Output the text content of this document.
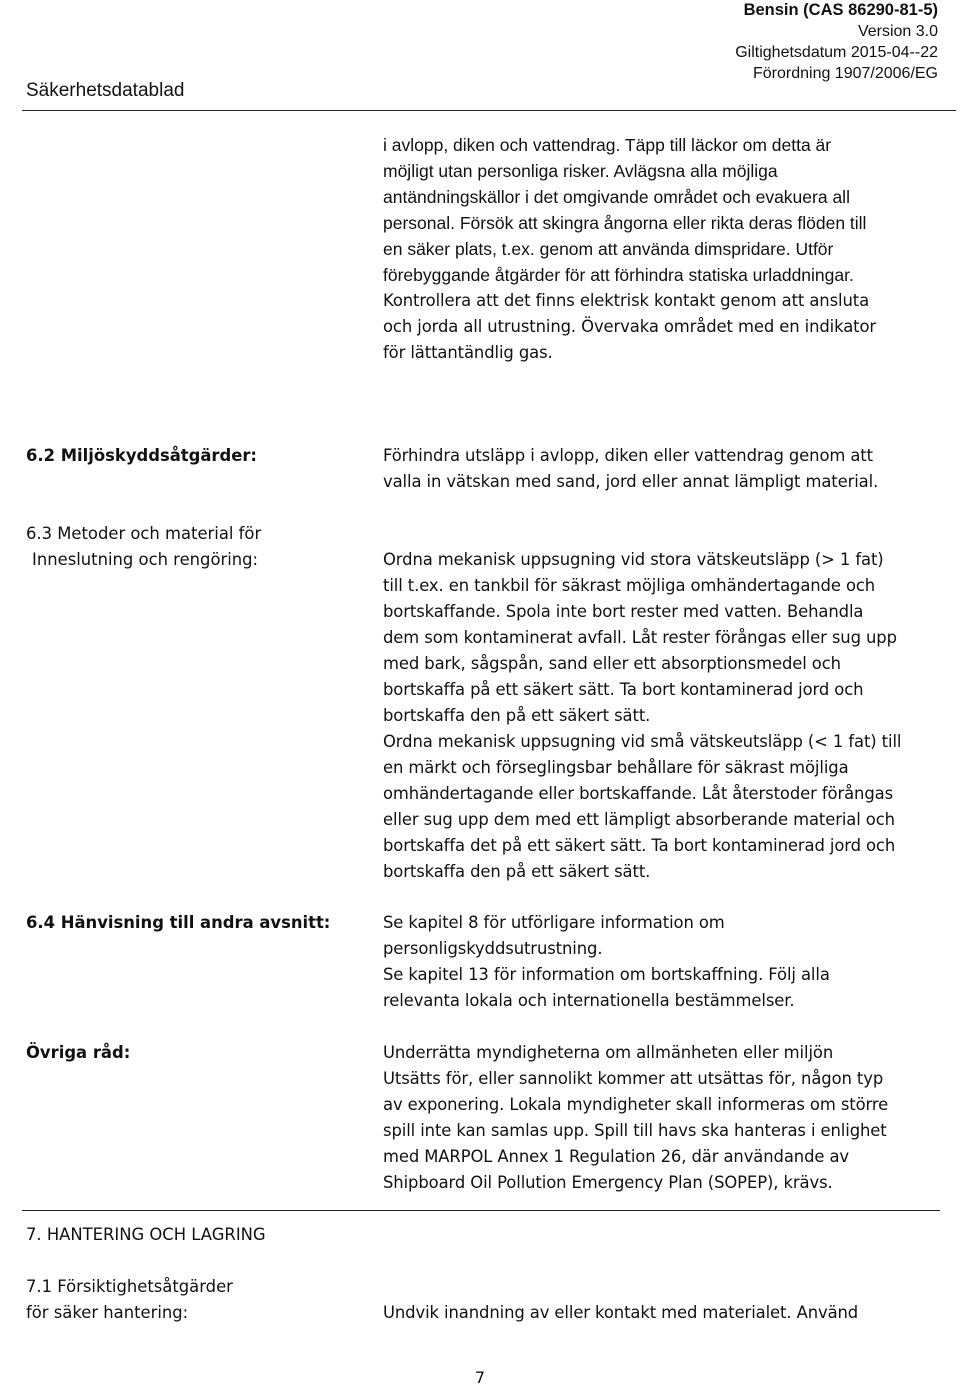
Bensin (CAS 86290-81-5)
Version 3.0
Giltighetsdatum 2015-04--22
Förordning 1907/2006/EG
Säkerhetsdatablad
i avlopp, diken och vattendrag. Täpp till läckor om detta är
möjligt utan personliga risker. Avlägsna alla möjliga
antändningskällor i det omgivande området och evakuera all
personal. Försök att skingra ångorna eller rikta deras flöden till
en säker plats, t.ex. genom att använda dimspridare. Utför
förebyggande åtgärder för att förhindra statiska urladdningar.
Kontrollera att det finns elektrisk kontakt genom att ansluta
och jorda all utrustning. Övervaka området med en indikator
för lättantändlig gas.
6.2 Miljöskyddsåtgärder:	Förhindra utsläpp i avlopp, diken eller vattendrag genom att
valla in vätskan med sand, jord eller annat lämpligt material.
6.3 Metoder och material för
Inneslutning och rengöring:	Ordna mekanisk uppsugning vid stora vätskeutsläpp (> 1 fat)
till t.ex. en tankbil för säkrast möjliga omhändertagande och
bortskaffande. Spola inte bort rester med vatten. Behandla
dem som kontaminerat avfall. Låt rester förångas eller sug upp
med bark, sågspån, sand eller ett absorptionsmedel och
bortskaffa på ett säkert sätt. Ta bort kontaminerad jord och
bortskaffa den på ett säkert sätt.
Ordna mekanisk uppsugning vid små vätskeutsläpp (< 1 fat) till
en märkt och förseglingsbar behållare för säkrast möjliga
omhändertagande eller bortskaffande. Låt återstoder förångas
eller sug upp dem med ett lämpligt absorberande material och
bortskaffa det på ett säkert sätt. Ta bort kontaminerad jord och
bortskaffa den på ett säkert sätt.
6.4 Hänvisning till andra avsnitt:	Se kapitel 8 för utförligare information om
personligskyddsutrustning.
Se kapitel 13 för information om bortskaffning. Följ alla
relevanta lokala och internationella bestämmelser.
Övriga råd:	Underrätta myndigheterna om allmänheten eller miljön
Utsätts för, eller sannolikt kommer att utsättas för, någon typ
av exponering. Lokala myndigheter skall informeras om större
spill inte kan samlas upp. Spill till havs ska hanteras i enlighet
med MARPOL Annex 1 Regulation 26, där användande av
Shipboard Oil Pollution Emergency Plan (SOPEP), krävs.
7. HANTERING OCH LAGRING
7.1 Försiktighetsåtgärder
för säker hantering:	Undvik inandning av eller kontakt med materialet. Använd
7
